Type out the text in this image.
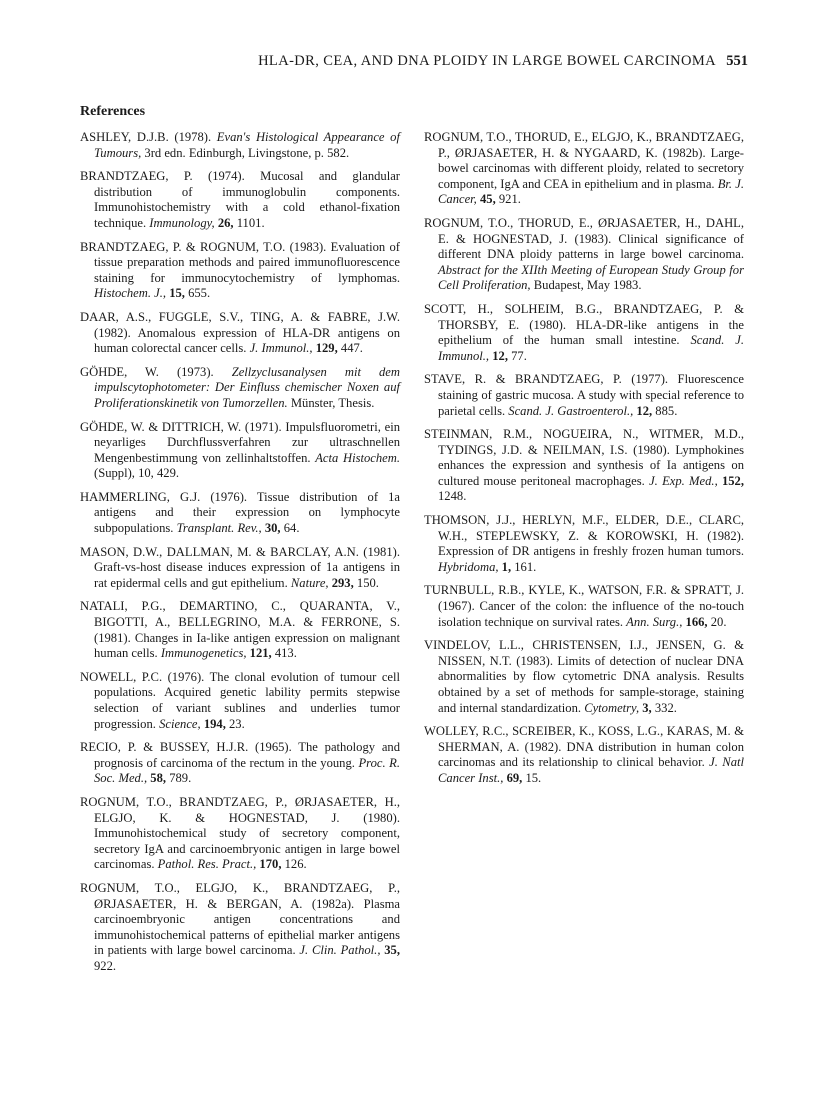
HLA-DR, CEA, AND DNA PLOIDY IN LARGE BOWEL CARCINOMA 551
References
ASHLEY, D.J.B. (1978). Evan's Histological Appearance of Tumours, 3rd edn. Edinburgh, Livingstone, p. 582.
BRANDTZAEG, P. (1974). Mucosal and glandular distribution of immunoglobulin components. Immunohistochemistry with a cold ethanol-fixation technique. Immunology, 26, 1101.
BRANDTZAEG, P. & ROGNUM, T.O. (1983). Evaluation of tissue preparation methods and paired immunofluorescence staining for immunocytochemistry of lymphomas. Histochem. J., 15, 655.
DAAR, A.S., FUGGLE, S.V., TING, A. & FABRE, J.W. (1982). Anomalous expression of HLA-DR antigens on human colorectal cancer cells. J. Immunol., 129, 447.
GÖHDE, W. (1973). Zellzyclusanalysen mit dem impulscytophotometer: Der Einfluss chemischer Noxen auf Proliferationskinetik von Tumorzellen. Münster, Thesis.
GÖHDE, W. & DITTRICH, W. (1971). Impulsfluorometri, ein neyarliges Durchflussverfahren zur ultraschnellen Mengenbestimmung von zellinhaltstoffen. Acta Histochem. (Suppl), 10, 429.
HAMMERLING, G.J. (1976). Tissue distribution of 1a antigens and their expression on lymphocyte subpopulations. Transplant. Rev., 30, 64.
MASON, D.W., DALLMAN, M. & BARCLAY, A.N. (1981). Graft-vs-host disease induces expression of 1a antigens in rat epidermal cells and gut epithelium. Nature, 293, 150.
NATALI, P.G., DEMARTINO, C., QUARANTA, V., BIGOTTI, A., BELLEGRINO, M.A. & FERRONE, S. (1981). Changes in Ia-like antigen expression on malignant human cells. Immunogenetics, 121, 413.
NOWELL, P.C. (1976). The clonal evolution of tumour cell populations. Acquired genetic lability permits stepwise selection of variant sublines and underlies tumor progression. Science, 194, 23.
RECIO, P. & BUSSEY, H.J.R. (1965). The pathology and prognosis of carcinoma of the rectum in the young. Proc. R. Soc. Med., 58, 789.
ROGNUM, T.O., BRANDTZAEG, P., ØRJASAETER, H., ELGJO, K. & HOGNESTAD, J. (1980). Immunohistochemical study of secretory component, secretory IgA and carcinoembryonic antigen in large bowel carcinomas. Pathol. Res. Pract., 170, 126.
ROGNUM, T.O., ELGJO, K., BRANDTZAEG, P., ØRJASAETER, H. & BERGAN, A. (1982a). Plasma carcinoembryonic antigen concentrations and immunohistochemical patterns of epithelial marker antigens in patients with large bowel carcinoma. J. Clin. Pathol., 35, 922.
ROGNUM, T.O., THORUD, E., ELGJO, K., BRANDTZAEG, P., ØRJASAETER, H. & NYGAARD, K. (1982b). Large-bowel carcinomas with different ploidy, related to secretory component, IgA and CEA in epithelium and in plasma. Br. J. Cancer, 45, 921.
ROGNUM, T.O., THORUD, E., ØRJASAETER, H., DAHL, E. & HOGNESTAD, J. (1983). Clinical significance of different DNA ploidy patterns in large bowel carcinoma. Abstract for the XIIth Meeting of European Study Group for Cell Proliferation, Budapest, May 1983.
SCOTT, H., SOLHEIM, B.G., BRANDTZAEG, P. & THORSBY, E. (1980). HLA-DR-like antigens in the epithelium of the human small intestine. Scand. J. Immunol., 12, 77.
STAVE, R. & BRANDTZAEG, P. (1977). Fluorescence staining of gastric mucosa. A study with special reference to parietal cells. Scand. J. Gastroenterol., 12, 885.
STEINMAN, R.M., NOGUEIRA, N., WITMER, M.D., TYDINGS, J.D. & NEILMAN, I.S. (1980). Lymphokines enhances the expression and synthesis of Ia antigens on cultured mouse peritoneal macrophages. J. Exp. Med., 152, 1248.
THOMSON, J.J., HERLYN, M.F., ELDER, D.E., CLARC, W.H., STEPLEWSKY, Z. & KOROWSKI, H. (1982). Expression of DR antigens in freshly frozen human tumors. Hybridoma, 1, 161.
TURNBULL, R.B., KYLE, K., WATSON, F.R. & SPRATT, J. (1967). Cancer of the colon: the influence of the no-touch isolation technique on survival rates. Ann. Surg., 166, 20.
VINDELOV, L.L., CHRISTENSEN, I.J., JENSEN, G. & NISSEN, N.T. (1983). Limits of detection of nuclear DNA abnormalities by flow cytometric DNA analysis. Results obtained by a set of methods for sample-storage, staining and internal standardization. Cytometry, 3, 332.
WOLLEY, R.C., SCREIBER, K., KOSS, L.G., KARAS, M. & SHERMAN, A. (1982). DNA distribution in human colon carcinomas and its relationship to clinical behavior. J. Natl Cancer Inst., 69, 15.
